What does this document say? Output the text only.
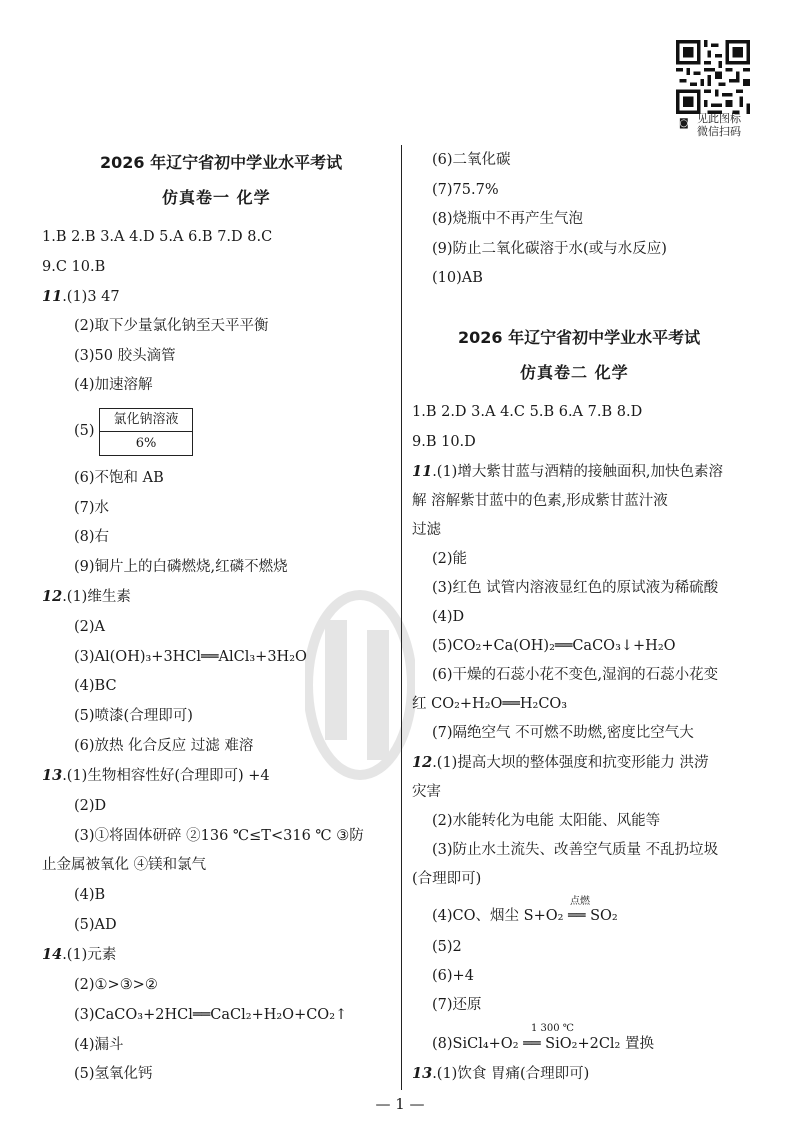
◙ 见此图标
微信扫码
2026 年辽宁省初中学业水平考试
仿真卷一 化学
1.B 2.B 3.A 4.D 5.A 6.B 7.D 8.C
9.C 10.B
11.(1)3 47
(2)取下少量氯化钠至天平平衡
(3)50 胶头滴管
(4)加速溶解
(5)
氯化钠溶液
6%
(6)不饱和 AB
(7)水
(8)右
(9)铜片上的白磷燃烧,红磷不燃烧
12.(1)维生素
(2)A
(3)Al(OH)₃+3HCl══AlCl₃+3H₂O
(4)BC
(5)喷漆(合理即可)
(6)放热 化合反应 过滤 难溶
13.(1)生物相容性好(合理即可) +4
(2)D
(3)①将固体研碎 ②136 ℃≤T<316 ℃ ③防
止金属被氧化 ④镁和氯气
(4)B
(5)AD
14.(1)元素
(2)①>③>②
(3)CaCO₃+2HCl══CaCl₂+H₂O+CO₂↑
(4)漏斗
(5)氢氧化钙
(6)二氧化碳
(7)75.7%
(8)烧瓶中不再产生气泡
(9)防止二氧化碳溶于水(或与水反应)
(10)AB
2026 年辽宁省初中学业水平考试
仿真卷二 化学
1.B 2.D 3.A 4.C 5.B 6.A 7.B 8.D
9.B 10.D
11.(1)增大紫甘蓝与酒精的接触面积,加快色素溶
解 溶解紫甘蓝中的色素,形成紫甘蓝汁液
过滤
(2)能
(3)红色 试管内溶液显红色的原试液为稀硫酸
(4)D
(5)CO₂+Ca(OH)₂══CaCO₃↓+H₂O
(6)干燥的石蕊小花不变色,湿润的石蕊小花变
红 CO₂+H₂O══H₂CO₃
(7)隔绝空气 不可燃不助燃,密度比空气大
12.(1)提高大坝的整体强度和抗变形能力 洪涝
灾害
(2)水能转化为电能 太阳能、风能等
(3)防止水土流失、改善空气质量 不乱扔垃圾
(合理即可)
点燃
(4)CO、烟尘 S+O₂ ══ SO₂
(5)2
(6)+4
(7)还原
1 300 ℃
(8)SiCl₄+O₂ ══ SiO₂+2Cl₂ 置换
13.(1)饮食 胃痛(合理即可)
— 1 —
